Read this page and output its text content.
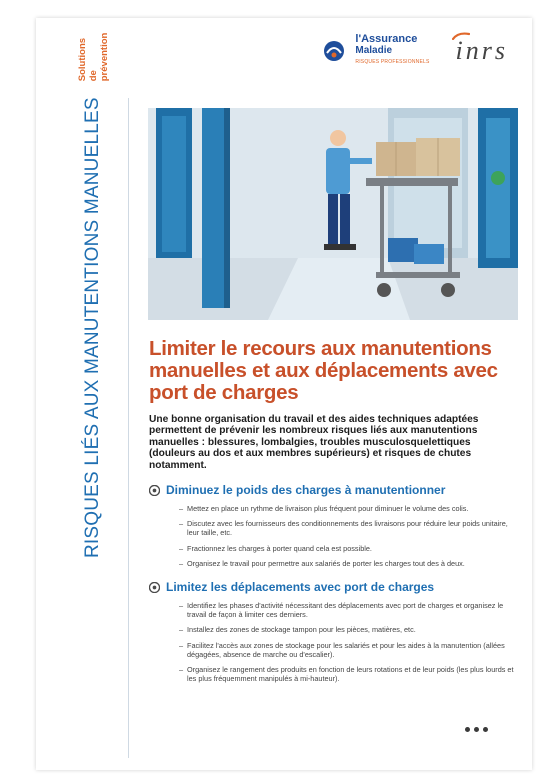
RISQUES LIÉS AUX MANUTENTIONS MANUELLES
Solutions de prévention	l'Assurance
Maladie
RISQUES PROFESSIONNELS inrs
Limiter le recours aux manutentions manuelles et aux déplacements avec port de charges

Une bonne organisation du travail et des aides techniques adaptées permettent de prévenir les nombreux risques liés aux manutentions manuelles : blessures, lombalgies, troubles musculosquelettiques (douleurs au dos et aux membres supérieurs) et risques de chutes notamment.

Diminuez le poids des charges à manutentionner
– Mettez en place un rythme de livraison plus fréquent pour diminuer le volume des colis.
– Discutez avec les fournisseurs des conditionnements des livraisons pour réduire leur poids unitaire, leur taille, etc.
– Fractionnez les charges à porter quand cela est possible.
– Organisez le travail pour permettre aux salariés de porter les charges tout des à deux.
Limitez les déplacements avec port de charges
– Identifiez les phases d'activité nécessitant des déplacements avec port de charges et organisez le travail de façon à limiter ces derniers.
– Installez des zones de stockage tampon pour les pièces, matières, etc.
– Facilitez l'accès aux zones de stockage pour les salariés et pour les aides à la manutention (allées dégagées, absence de marche ou d'escalier).
– Organisez le rangement des produits en fonction de leurs rotations et de leur poids (les plus lourds et les plus fréquemment manipulés à mi-hauteur).
